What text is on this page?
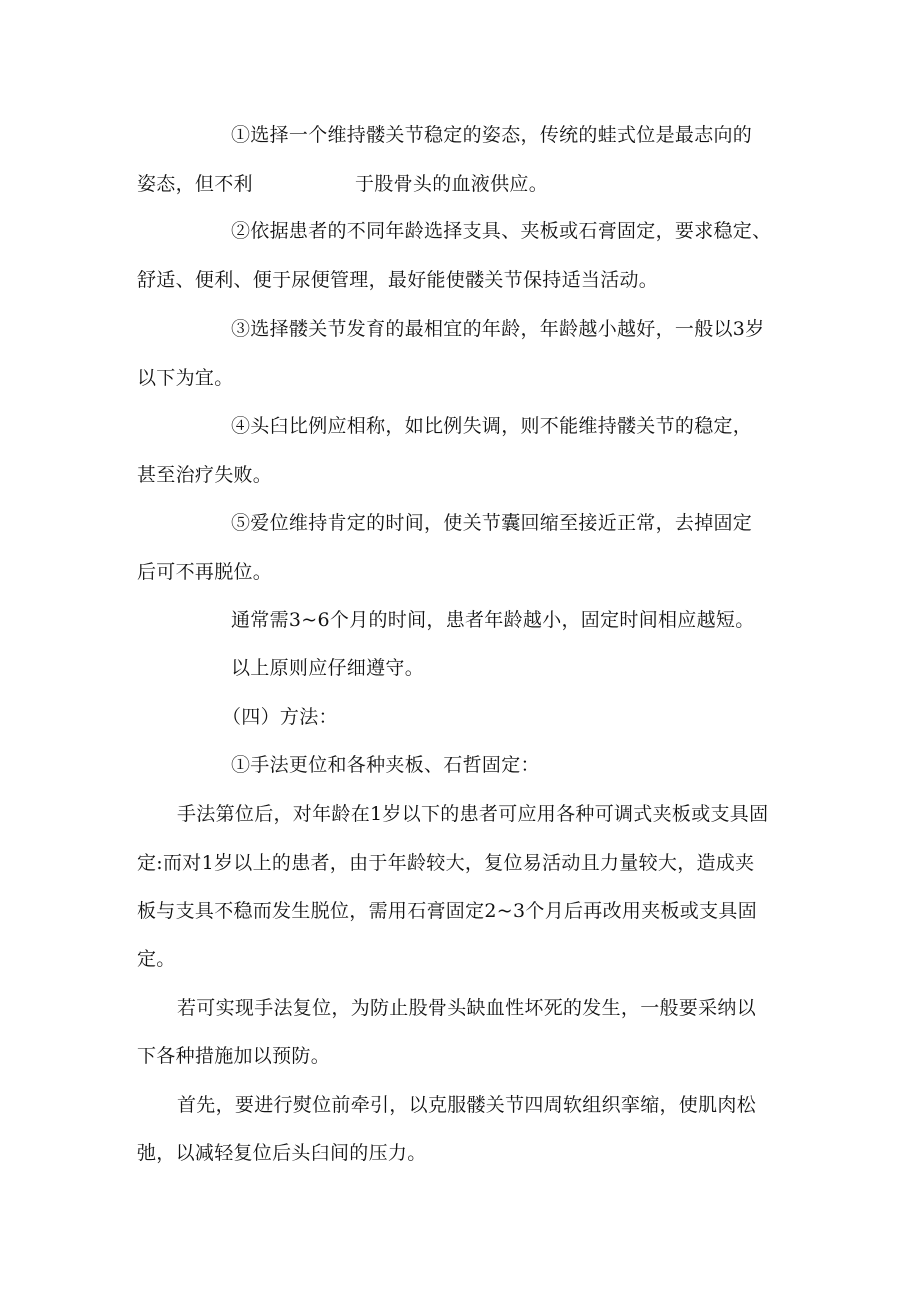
①选择一个维持髅关节稳定的姿态，传统的蛙式位是最志向的
姿态，但不利	于股骨头的血液供应。
②依据患者的不同年龄选择支具、夹板或石膏固定，要求稳定、
舒适、便利、便于尿便管理，最好能使髅关节保持适当活动。
③选择髅关节发育的最相宜的年龄，年龄越小越好，一般以3岁
以下为宜。
④头臼比例应相称，如比例失调，则不能维持髅关节的稳定，
甚至治疗失败。
⑤爱位维持肯定的时间，使关节囊回缩至接近正常，去掉固定
后可不再脱位。
通常需3~6个月的时间，患者年龄越小，固定时间相应越短。
以上原则应仔细遵守。
（四）方法：
①手法更位和各种夹板、石哲固定：
手法第位后，对年龄在1岁以下的患者可应用各种可调式夹板或支具固
定:而对1岁以上的患者，由于年龄较大，复位易活动且力量较大，造成夹
板与支具不稳而发生脱位，需用石膏固定2~3个月后再改用夹板或支具固
定。
若可实现手法复位，为防止股骨头缺血性坏死的发生，一般要采纳以
下各种措施加以预防。
首先，要进行熨位前牵引，以克服髅关节四周软组织挛缩，使肌肉松
弛，以减轻复位后头臼间的压力。
